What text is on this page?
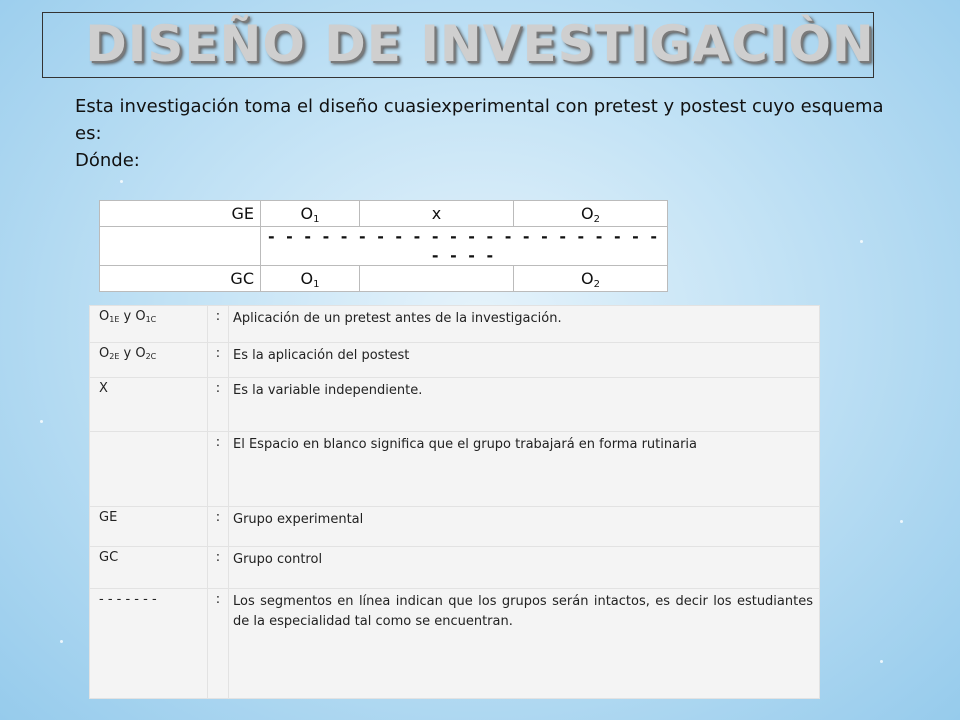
DISEÑO DE INVESTIGACIÒN

Esta investigación toma el diseño cuasiexperimental con pretest y postest cuyo esquema es:

Dónde:

GE	$O_1$	x	$O_2$
	- - - - - - - - - - - - - - - - - - - - - - - - - -		
GC	$O_1$		$O_2$
$O_{1E}$ y $O_{1C}$	:	Aplicación de un pretest antes de la investigación.
$O_{2E}$ y $O_{2C}$	:	Es la aplicación del postest
X	:	Es la variable independiente.
	:	El Espacio en blanco significa que el grupo trabajará en forma rutinaria
GE	:	Grupo experimental
GC	:	Grupo control
- - - - - - -	:	Los segmentos en línea indican que los grupos serán intactos, es decir los estudiantes de la especialidad tal como se encuentran.
